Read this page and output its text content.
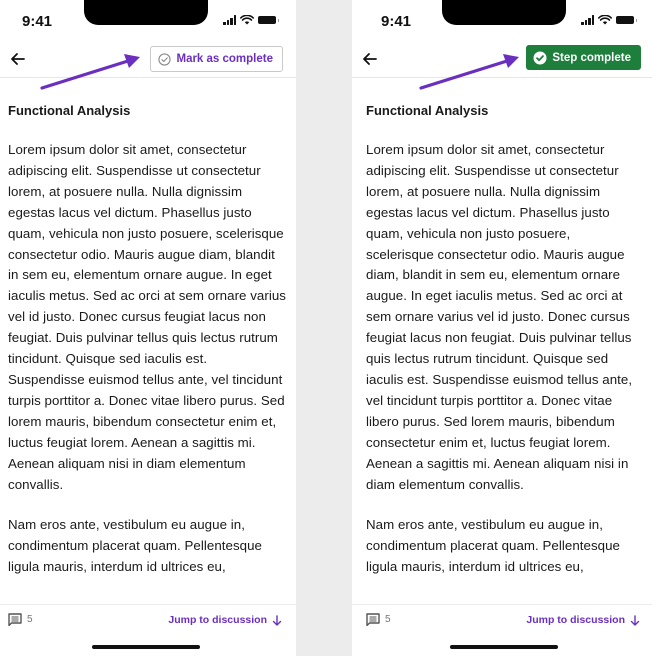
9:41
Mark as complete
Functional Analysis

Lorem ipsum dolor sit amet, consectetur adipiscing elit. Suspendisse ut consectetur lorem, at posuere nulla. Nulla dignissim egestas lacus vel dictum. Phasellus justo quam, vehicula non justo posuere, scelerisque consectetur odio. Mauris augue diam, blandit in sem eu, elementum ornare augue. In eget iaculis metus. Sed ac orci at sem ornare varius vel id justo. Donec cursus feugiat lacus non feugiat. Duis pulvinar tellus quis lectus rutrum tincidunt. Quisque sed iaculis est. Suspendisse euismod tellus ante, vel tincidunt turpis porttitor a. Donec vitae libero purus. Sed lorem mauris, bibendum consectetur enim et, luctus feugiat lorem. Aenean a sagittis mi. Aenean aliquam nisi in diam elementum convallis.

Nam eros ante, vestibulum eu augue in, condimentum placerat quam. Pellentesque ligula mauris, interdum id ultrices eu,

5	Jump to discussion
9:41
Step complete
Functional Analysis

Lorem ipsum dolor sit amet, consectetur adipiscing elit. Suspendisse ut consectetur lorem, at posuere nulla. Nulla dignissim egestas lacus vel dictum. Phasellus justo quam, vehicula non justo posuere, scelerisque consectetur odio. Mauris augue diam, blandit in sem eu, elementum ornare augue. In eget iaculis metus. Sed ac orci at sem ornare varius vel id justo. Donec cursus feugiat lacus non feugiat. Duis pulvinar tellus quis lectus rutrum tincidunt. Quisque sed iaculis est. Suspendisse euismod tellus ante, vel tincidunt turpis porttitor a. Donec vitae libero purus. Sed lorem mauris, bibendum consectetur enim et, luctus feugiat lorem. Aenean a sagittis mi. Aenean aliquam nisi in diam elementum convallis.

Nam eros ante, vestibulum eu augue in, condimentum placerat quam. Pellentesque ligula mauris, interdum id ultrices eu,

5	Jump to discussion
